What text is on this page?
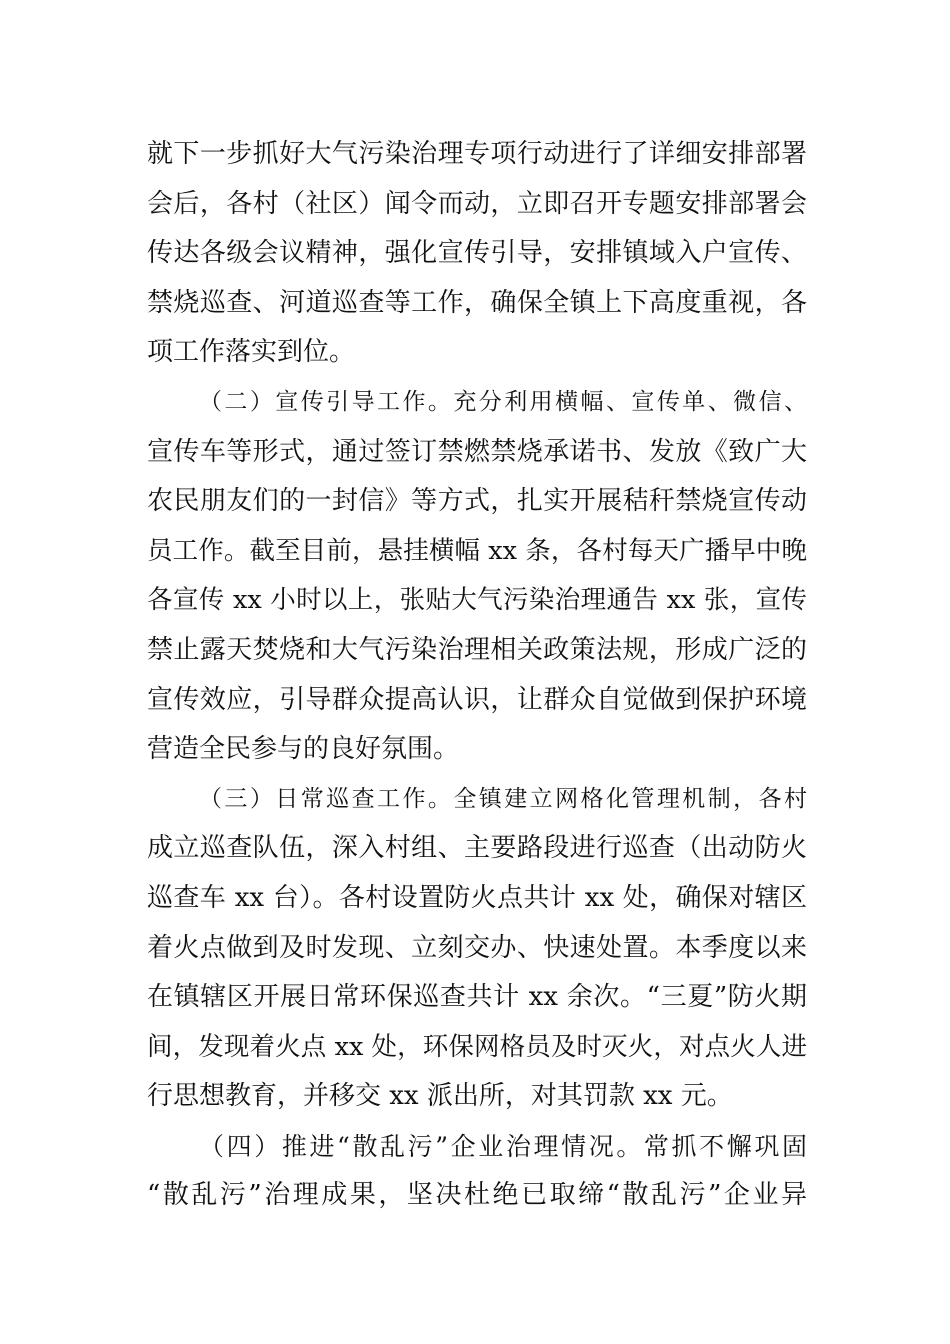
就下一步抓好大气污染治理专项行动进行了详细安排部署
会后，各村（社区）闻令而动，立即召开专题安排部署会
传达各级会议精神，强化宣传引导，安排镇域入户宣传、
禁烧巡查、河道巡查等工作，确保全镇上下高度重视，各
项工作落实到位。
（二）宣传引导工作。充分利用横幅、宣传单、微信、
宣传车等形式，通过签订禁燃禁烧承诺书、发放《致广大
农民朋友们的一封信》等方式，扎实开展秸秆禁烧宣传动
员工作。截至目前，悬挂横幅 xx 条，各村每天广播早中晚
各宣传 xx 小时以上，张贴大气污染治理通告 xx 张，宣传
禁止露天焚烧和大气污染治理相关政策法规，形成广泛的
宣传效应，引导群众提高认识，让群众自觉做到保护环境
营造全民参与的良好氛围。
（三）日常巡查工作。全镇建立网格化管理机制，各村
成立巡查队伍，深入村组、主要路段进行巡查（出动防火
巡查车 xx 台）。各村设置防火点共计 xx 处，确保对辖区
着火点做到及时发现、立刻交办、快速处置。本季度以来
在镇辖区开展日常环保巡查共计 xx 余次。“三夏”防火期
间，发现着火点 xx 处，环保网格员及时灭火，对点火人进
行思想教育，并移交 xx 派出所，对其罚款 xx 元。
（四）推进“散乱污”企业治理情况。常抓不懈巩固
“散乱污”治理成果，坚决杜绝已取缔“散乱污”企业异
